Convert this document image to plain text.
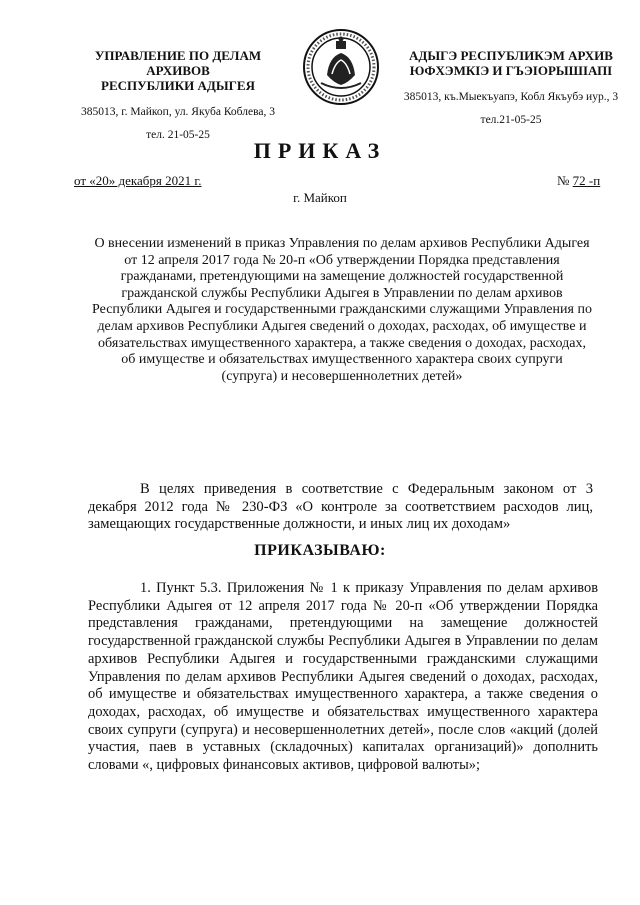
УПРАВЛЕНИЕ ПО ДЕЛАМ АРХИВОВ
РЕСПУБЛИКИ АДЫГЕЯ
385013, г. Майкоп, ул. Якуба Коблева, 3
тел. 21-05-25
АДЫГЭ РЕСПУБЛИКЭМ АРХИВ
ЮФХЭМКIЭ И ГЪЭIОРЫШIАПI
385013, къ.Мыекъуапэ, Кобл Якъубэ иур., 3
тел.21-05-25
ПРИКАЗ
от «20» декабря 2021 г.	№ 72 -п
г. Майкоп
О внесении изменений в приказ Управления по делам архивов Республики Адыгея от 12 апреля 2017 года № 20-п «Об утверждении Порядка представления гражданами, претендующими на замещение должностей государственной гражданской службы Республики Адыгея в Управлении по делам архивов Республики Адыгея и государственными гражданскими служащими Управления по делам архивов Республики Адыгея сведений о доходах, расходах, об имуществе и обязательствах имущественного характера, а также сведения о доходах, расходах, об имуществе и обязательствах имущественного характера своих супруги (супруга) и несовершеннолетних детей»
В целях приведения в соответствие с Федеральным законом от 3 декабря 2012 года № 230-ФЗ «О контроле за соответствием расходов лиц, замещающих государственные должности, и иных лиц их доходам»
ПРИКАЗЫВАЮ:
1. Пункт 5.3. Приложения № 1 к приказу Управления по делам архивов Республики Адыгея от 12 апреля 2017 года № 20-п «Об утверждении Порядка представления гражданами, претендующими на замещение должностей государственной гражданской службы Республики Адыгея в Управлении по делам архивов Республики Адыгея и государственными гражданскими служащими Управления по делам архивов Республики Адыгея сведений о доходах, расходах, об имуществе и обязательствах имущественного характера, а также сведения о доходах, расходах, об имуществе и обязательствах имущественного характера своих супруги (супруга) и несовершеннолетних детей», после слов «акций (долей участия, паев в уставных (складочных) капиталах организаций)» дополнить словами «, цифровых финансовых активов, цифровой валюты»;
